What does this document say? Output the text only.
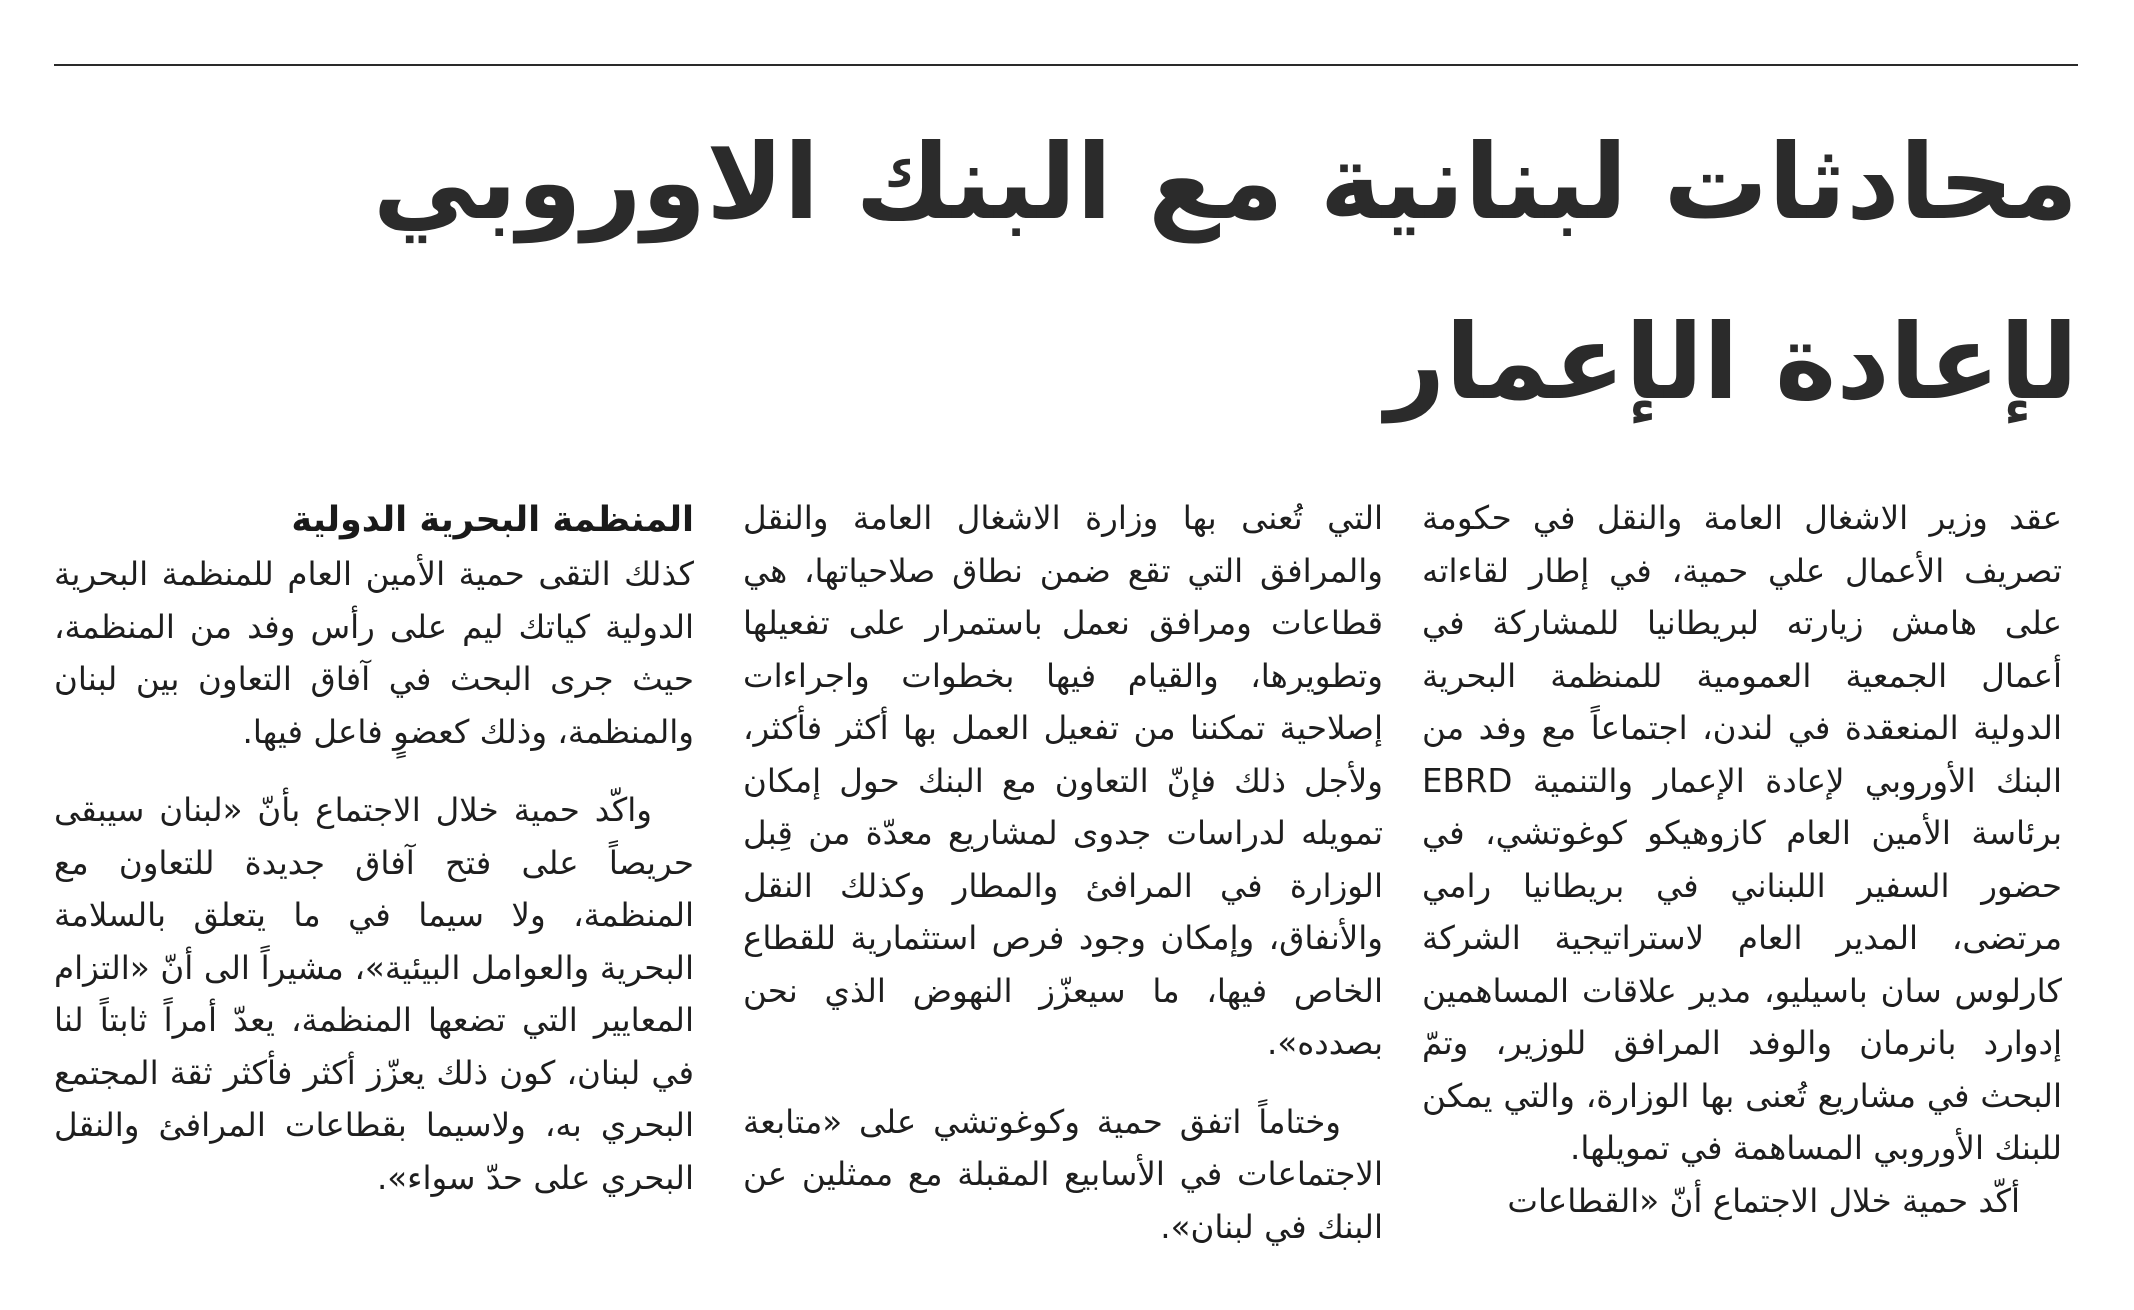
محادثات لبنانية مع البنك الاوروبي
لإعادة الإعمار

عقد وزير الاشغال العامة والنقل في حكومة تصريف الأعمال علي حمية، في إطار لقاءاته على هامش زيارته لبريطانيا للمشاركة في أعمال الجمعية العمومية للمنظمة البحرية الدولية المنعقدة في لندن، اجتماعاً مع وفد من البنك الأوروبي لإعادة الإعمار والتنمية EBRD برئاسة الأمين العام كازوهيكو كوغوتشي، في حضور السفير اللبناني في بريطانيا رامي مرتضى، المدير العام لاستراتيجية الشركة كارلوس سان باسيليو، مدير علاقات المساهمين إدوارد بانرمان والوفد المرافق للوزير، وتمّ البحث في مشاريع تُعنى بها الوزارة، والتي يمكن للبنك الأوروبي المساهمة في تمويلها.

أكّد حمية خلال الاجتماع أنّ «القطاعات

التي تُعنى بها وزارة الاشغال العامة والنقل والمرافق التي تقع ضمن نطاق صلاحياتها، هي قطاعات ومرافق نعمل باستمرار على تفعيلها وتطويرها، والقيام فيها بخطوات واجراءات إصلاحية تمكننا من تفعيل العمل بها أكثر فأكثر، ولأجل ذلك فإنّ التعاون مع البنك حول إمكان تمويله لدراسات جدوى لمشاريع معدّة من قِبل الوزارة في المرافئ والمطار وكذلك النقل والأنفاق، وإمكان وجود فرص استثمارية للقطاع الخاص فيها، ما سيعزّز النهوض الذي نحن بصدده».

وختاماً اتفق حمية وكوغوتشي على «متابعة الاجتماعات في الأسابيع المقبلة مع ممثلين عن البنك في لبنان».

المنظمة البحرية الدولية

كذلك التقى حمية الأمين العام للمنظمة البحرية الدولية كياتك ليم على رأس وفد من المنظمة، حيث جرى البحث في آفاق التعاون بين لبنان والمنظمة، وذلك كعضوٍ فاعل فيها.

واكّد حمية خلال الاجتماع بأنّ «لبنان سيبقى حريصاً على فتح آفاق جديدة للتعاون مع المنظمة، ولا سيما في ما يتعلق بالسلامة البحرية والعوامل البيئية»، مشيراً الى أنّ «التزام المعايير التي تضعها المنظمة، يعدّ أمراً ثابتاً لنا في لبنان، كون ذلك يعزّز أكثر فأكثر ثقة المجتمع البحري به، ولاسيما بقطاعات المرافئ والنقل البحري على حدّ سواء».
